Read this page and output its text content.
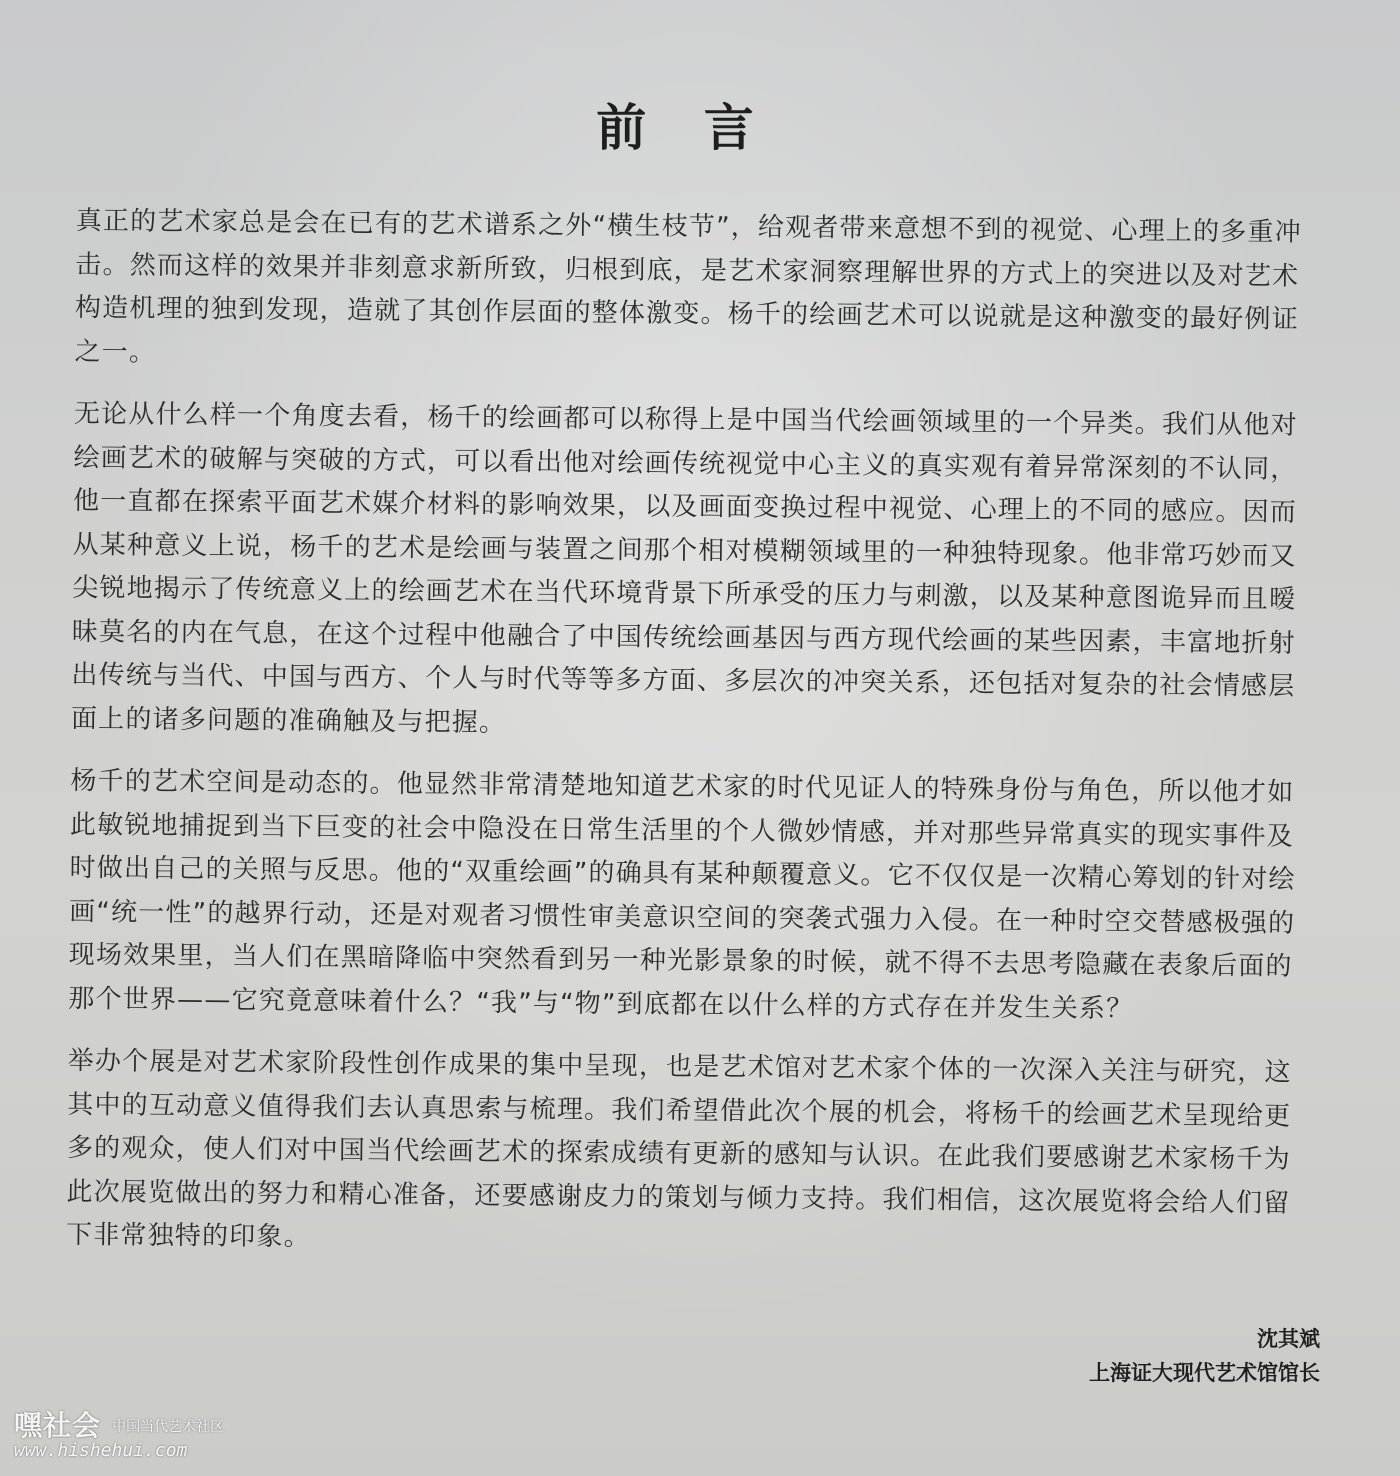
前 言

真正的艺术家总是会在已有的艺术谱系之外“横生枝节”，给观者带来意想不到的视觉、心理上的多重冲击。然而这样的效果并非刻意求新所致，归根到底，是艺术家洞察理解世界的方式上的突进以及对艺术构造机理的独到发现，造就了其创作层面的整体激变。杨千的绘画艺术可以说就是这种激变的最好例证之一。

无论从什么样一个角度去看，杨千的绘画都可以称得上是中国当代绘画领域里的一个异类。我们从他对绘画艺术的破解与突破的方式，可以看出他对绘画传统视觉中心主义的真实观有着异常深刻的不认同，他一直都在探索平面艺术媒介材料的影响效果，以及画面变换过程中视觉、心理上的不同的感应。因而从某种意义上说，杨千的艺术是绘画与装置之间那个相对模糊领域里的一种独特现象。他非常巧妙而又尖锐地揭示了传统意义上的绘画艺术在当代环境背景下所承受的压力与刺激，以及某种意图诡异而且暧昧莫名的内在气息，在这个过程中他融合了中国传统绘画基因与西方现代绘画的某些因素，丰富地折射出传统与当代、中国与西方、个人与时代等等多方面、多层次的冲突关系，还包括对复杂的社会情感层面上的诸多问题的准确触及与把握。

杨千的艺术空间是动态的。他显然非常清楚地知道艺术家的时代见证人的特殊身份与角色，所以他才如此敏锐地捕捉到当下巨变的社会中隐没在日常生活里的个人微妙情感，并对那些异常真实的现实事件及时做出自己的关照与反思。他的“双重绘画”的确具有某种颠覆意义。它不仅仅是一次精心筹划的针对绘画“统一性”的越界行动，还是对观者习惯性审美意识空间的突袭式强力入侵。在一种时空交替感极强的现场效果里，当人们在黑暗降临中突然看到另一种光影景象的时候，就不得不去思考隐藏在表象后面的那个世界——它究竟意味着什么？“我”与“物”到底都在以什么样的方式存在并发生关系？

举办个展是对艺术家阶段性创作成果的集中呈现，也是艺术馆对艺术家个体的一次深入关注与研究，这其中的互动意义值得我们去认真思索与梳理。我们希望借此次个展的机会，将杨千的绘画艺术呈现给更多的观众，使人们对中国当代绘画艺术的探索成绩有更新的感知与认识。在此我们要感谢艺术家杨千为此次展览做出的努力和精心准备，还要感谢皮力的策划与倾力支持。我们相信，这次展览将会给人们留下非常独特的印象。

沈其斌
上海证大现代艺术馆馆长
嘿社会 中国当代艺术社区
www.hishehui.com
